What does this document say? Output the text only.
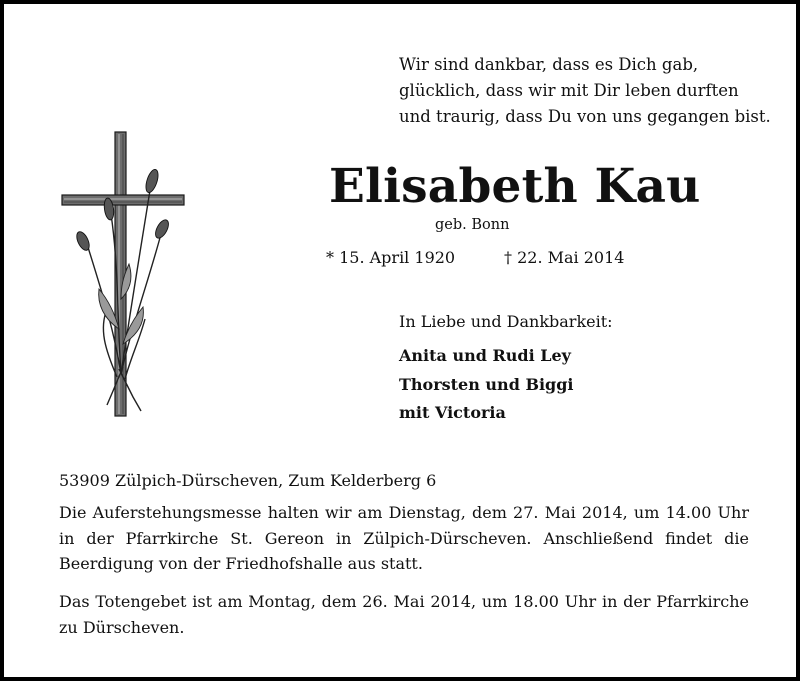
Wir sind dankbar, dass es Dich gab,
glücklich, dass wir mit Dir leben durften
und traurig, dass Du von uns gegangen bist.
Elisabeth Kau
geb. Bonn
* 15. April 1920	† 22. Mai 2014
In Liebe und Dankbarkeit:
Anita und Rudi Ley
Thorsten und Biggi
mit Victoria
53909 Zülpich-Dürscheven, Zum Kelderberg 6
Die Auferstehungsmesse halten wir am Dienstag, dem 27. Mai 2014, um 14.00 Uhr in der Pfarrkirche St. Gereon in Zülpich-Dürscheven. Anschließend findet die Beerdigung von der Friedhofshalle aus statt.
Das Totengebet ist am Montag, dem 26. Mai 2014, um 18.00 Uhr in der Pfarrkirche zu Dürscheven.
